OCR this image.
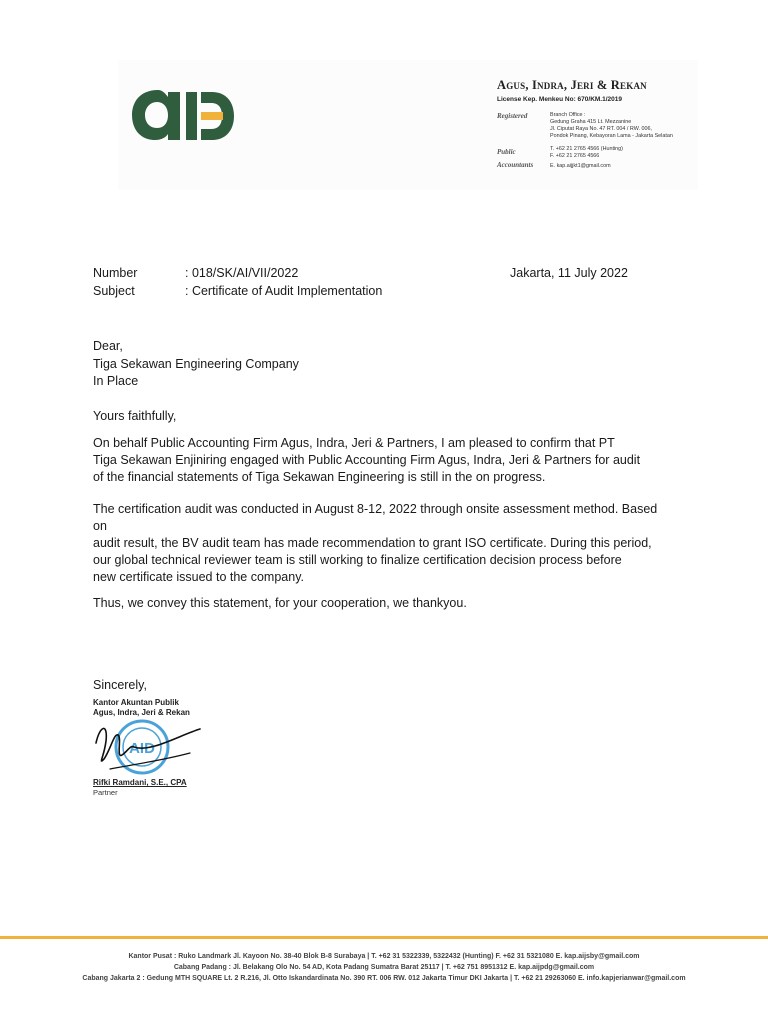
Agus, Indra, Jeri & Rekan
License Kep. Menkeu No: 670/KM.1/2019
Registered
Public
Accountants
Branch Office :
Gedung Graha 415 Lt. Mezzanine
Jl. Ciputat Raya No. 47 RT. 004 / RW. 006,
Pondok Pinang, Kebayoran Lama - Jakarta Selatan
T. +62 21 2765 4566 (Hunting)
F. +62 21 2765 4566
E. kap.aijjkt1@gmail.com
Number	: 018/SK/AI/VII/2022
Subject	: Certificate of Audit Implementation
Jakarta, 11 July 2022
Dear,
Tiga Sekawan Engineering Company
In Place
Yours faithfully,
On behalf Public Accounting Firm Agus, Indra, Jeri & Partners, I am pleased to confirm that PT
Tiga Sekawan Enjiniring engaged with Public Accounting Firm Agus, Indra, Jeri & Partners for audit
of the financial statements of Tiga Sekawan Engineering is still in the on progress.
The certification audit was conducted in August 8-12, 2022 through onsite assessment method. Based on
audit result, the BV audit team has made recommendation to grant ISO certificate. During this period,
our global technical reviewer team is still working to finalize certification decision process before
new certificate issued to the company.
Thus, we convey this statement, for your cooperation, we thankyou.
Sincerely,
Kantor Akuntan Publik
Agus, Indra, Jeri & Rekan
AID
Rifki Ramdani, S.E., CPA
Partner
Kantor Pusat : Ruko Landmark Jl. Kayoon No. 38-40 Blok B-8 Surabaya | T. +62 31 5322339, 5322432 (Hunting) F. +62 31 5321080 E. kap.aijsby@gmail.com
Cabang Padang : Jl. Belakang Olo No. 54 AD, Kota Padang Sumatra Barat 25117 | T. +62 751 8951312 E. kap.aijpdg@gmail.com
Cabang Jakarta 2 : Gedung MTH SQUARE Lt. 2 R.216, Jl. Otto Iskandardinata No. 390 RT. 006 RW. 012 Jakarta Timur DKI Jakarta | T. +62 21 29263060 E. info.kapjerianwar@gmail.com
